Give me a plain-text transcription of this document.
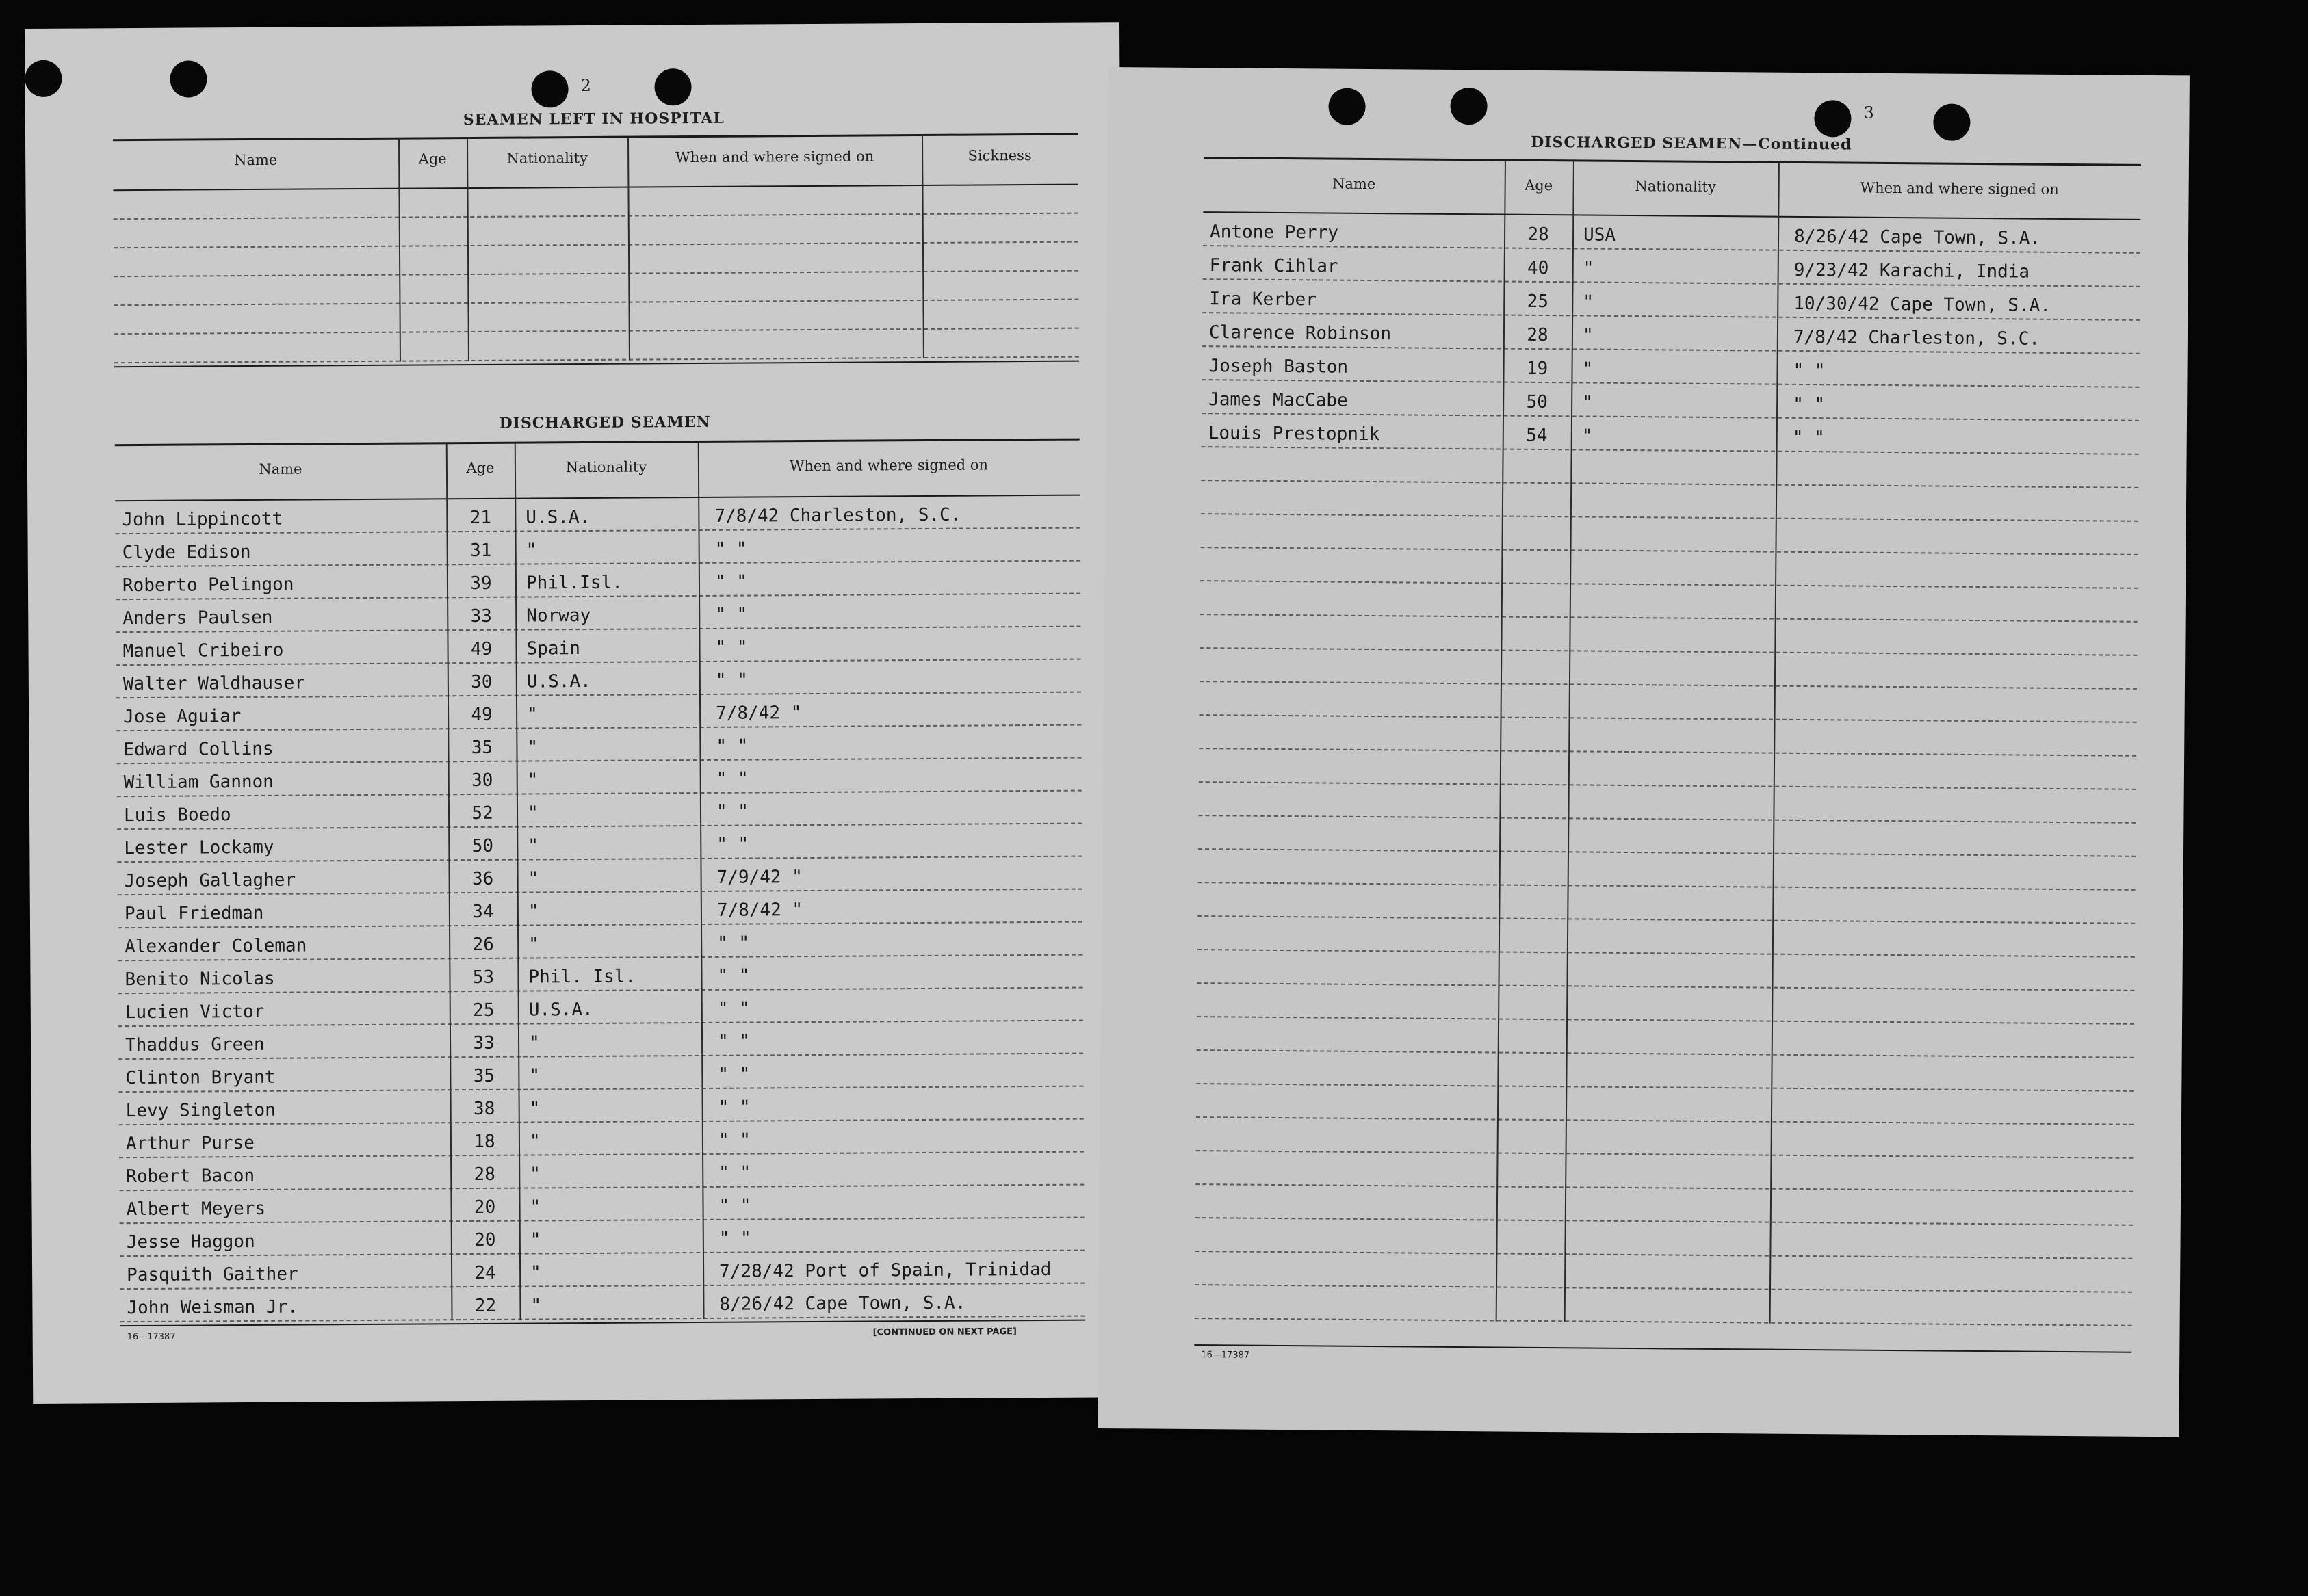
2
SEAMEN LEFT IN HOSPITAL
Name	Age	Nationality	When and where signed on	Sickness
DISCHARGED SEAMEN
Name	Age	Nationality	When and where signed on
John Lippincott	21	U.S.A.	7/8/42 Charleston, S.C.
Clyde Edison	31	"	" "
Roberto Pelingon	39	Phil.Isl.	" "
Anders Paulsen	33	Norway	" "
Manuel Cribeiro	49	Spain	" "
Walter Waldhauser	30	U.S.A.	" "
Jose Aguiar	49	"	7/8/42 "
Edward Collins	35	"	" "
William Gannon	30	"	" "
Luis Boedo	52	"	" "
Lester Lockamy	50	"	" "
Joseph Gallagher	36	"	7/9/42 "
Paul Friedman	34	"	7/8/42 "
Alexander Coleman	26	"	" "
Benito Nicolas	53	Phil. Isl.	" "
Lucien Victor	25	U.S.A.	" "
Thaddus Green	33	"	" "
Clinton Bryant	35	"	" "
Levy Singleton	38	"	" "
Arthur Purse	18	"	" "
Robert Bacon	28	"	" "
Albert Meyers	20	"	" "
Jesse Haggon	20	"	" "
Pasquith Gaither	24	"	7/28/42 Port of Spain, Trinidad
John Weisman Jr.	22	"	8/26/42 Cape Town, S.A.
16—17387	[CONTINUED ON NEXT PAGE]
3
DISCHARGED SEAMEN—Continued
Name	Age	Nationality	When and where signed on
Antone Perry	28	USA	8/26/42 Cape Town, S.A.
Frank Cihlar	40	"	9/23/42 Karachi, India
Ira Kerber	25	"	10/30/42 Cape Town, S.A.
Clarence Robinson	28	"	7/8/42 Charleston, S.C.
Joseph Baston	19	"	" "
James MacCabe	50	"	" "
Louis Prestopnik	54	"	" "
16—17387
